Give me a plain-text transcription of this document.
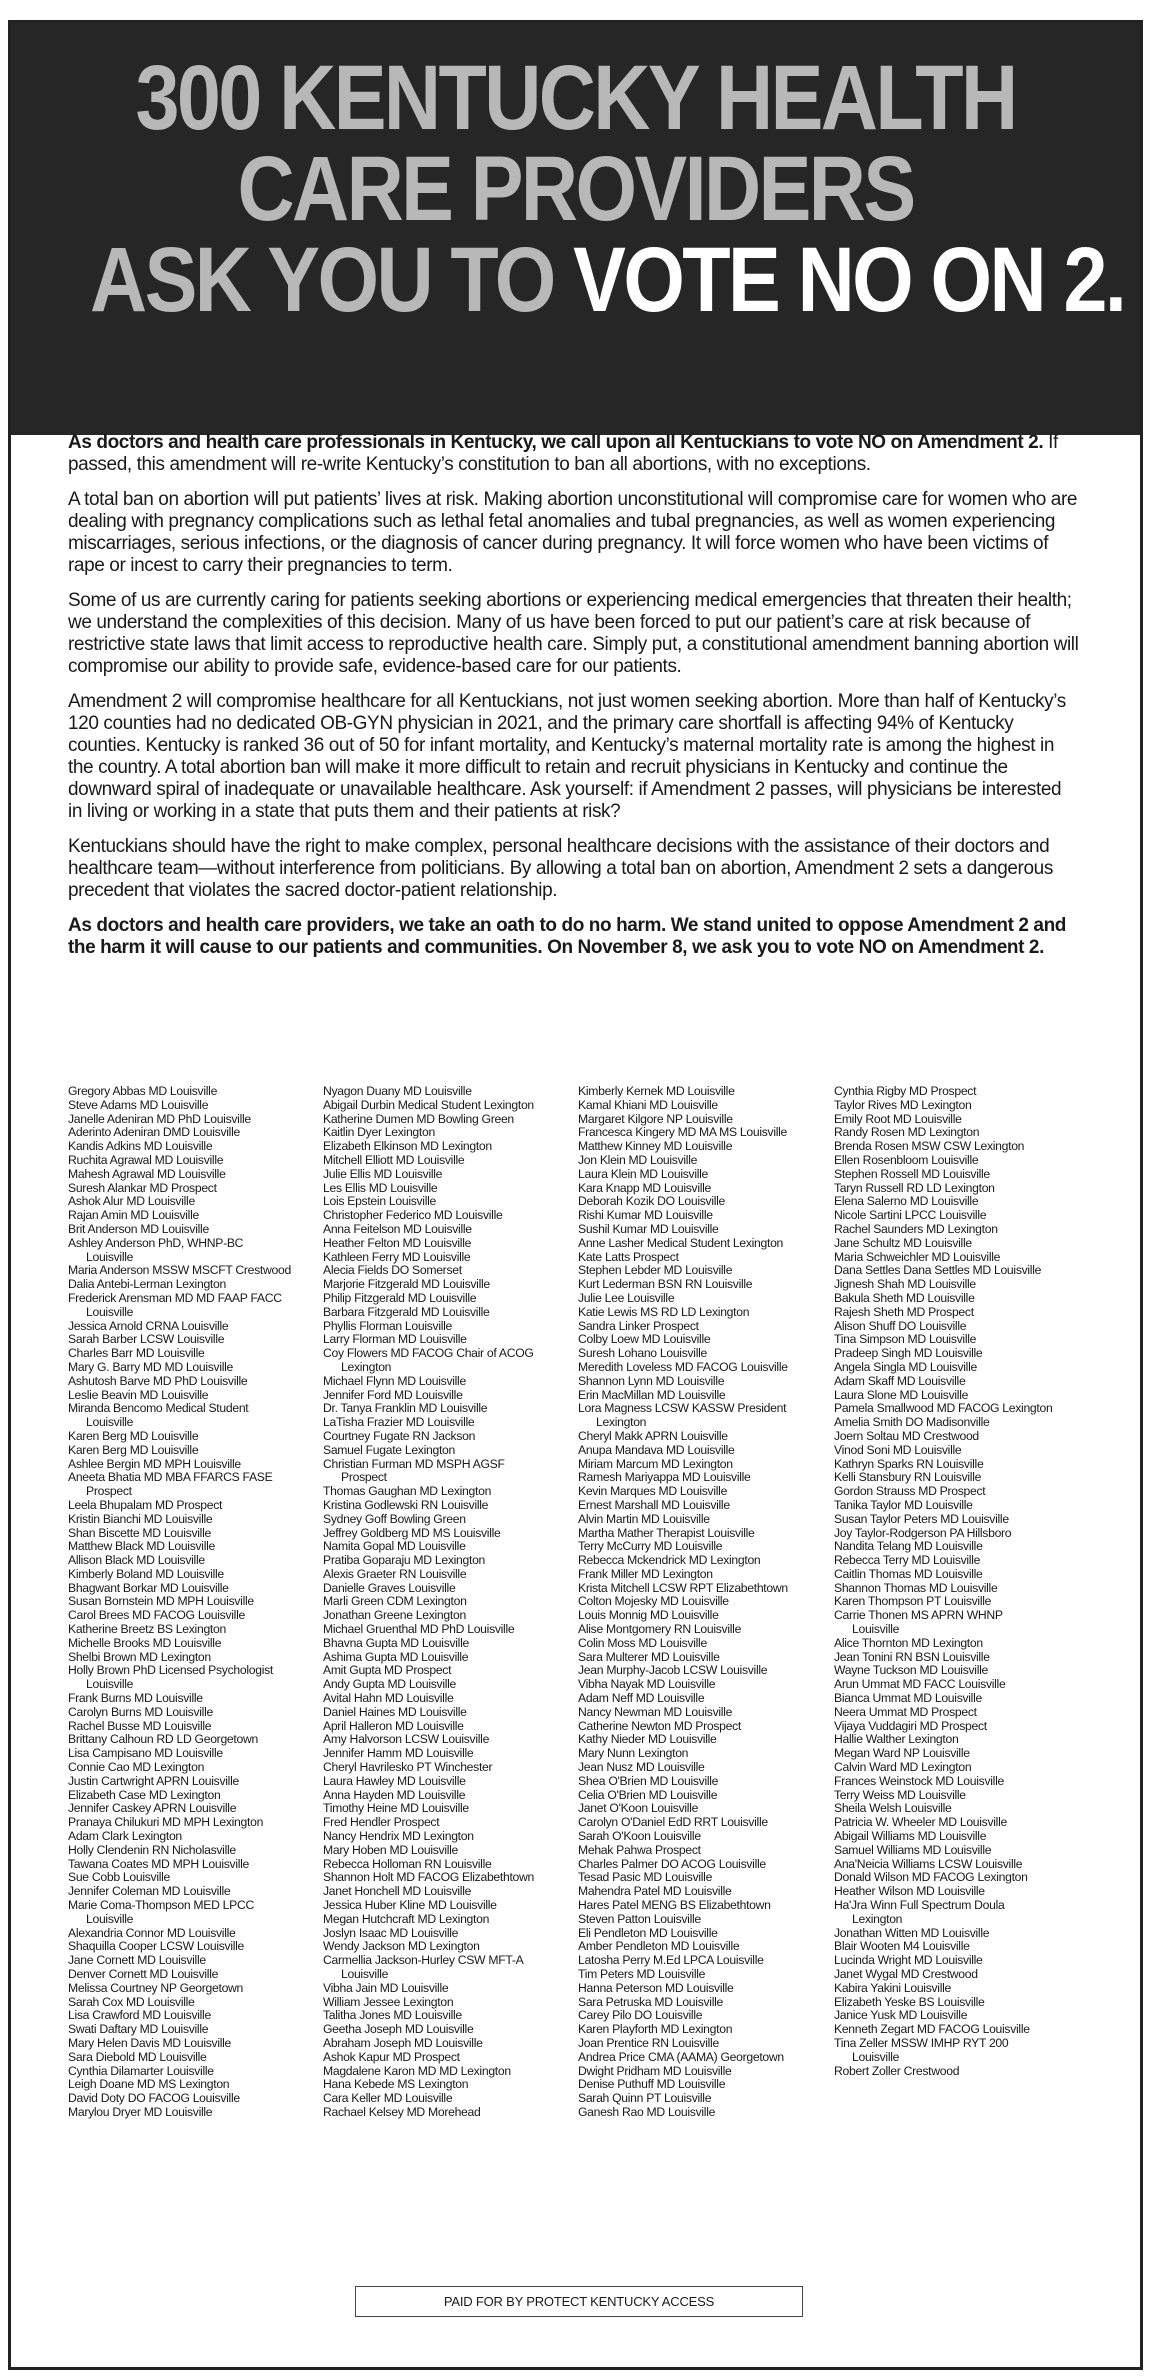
300 KENTUCKY HEALTH
CARE PROVIDERS
ASK YOU TO VOTE NO ON 2.

As doctors and health care professionals in Kentucky, we call upon all Kentuckians to vote NO on Amendment 2. If passed, this amendment will re-write Kentucky’s constitution to ban all abortions, with no exceptions.

A total ban on abortion will put patients’ lives at risk. Making abortion unconstitutional will compromise care for women who are dealing with pregnancy complications such as lethal fetal anomalies and tubal pregnancies, as well as women experiencing miscarriages, serious infections, or the diagnosis of cancer during pregnancy. It will force women who have been victims of rape or incest to carry their pregnancies to term.

Some of us are currently caring for patients seeking abortions or experiencing medical emergencies that threaten their health; we understand the complexities of this decision. Many of us have been forced to put our patient’s care at risk because of restrictive state laws that limit access to reproductive health care. Simply put, a constitutional amendment banning abortion will compromise our ability to provide safe, evidence-based care for our patients.

Amendment 2 will compromise healthcare for all Kentuckians, not just women seeking abortion. More than half of Kentucky’s 120 counties had no dedicated OB-GYN physician in 2021, and the primary care shortfall is affecting 94% of Kentucky counties. Kentucky is ranked 36 out of 50 for infant mortality, and Kentucky’s maternal mortality rate is among the highest in the country. A total abortion ban will make it more difficult to retain and recruit physicians in Kentucky and continue the downward spiral of inadequate or unavailable healthcare. Ask yourself: if Amendment 2 passes, will physicians be interested in living or working in a state that puts them and their patients at risk?

Kentuckians should have the right to make complex, personal healthcare decisions with the assistance of their doctors and healthcare team—without interference from politicians. By allowing a total ban on abortion, Amendment 2 sets a dangerous precedent that violates the sacred doctor-patient relationship.

As doctors and health care providers, we take an oath to do no harm. We stand united to oppose Amendment 2 and the harm it will cause to our patients and communities. On November 8, we ask you to vote NO on Amendment 2.

Gregory Abbas MD Louisville
Steve Adams MD Louisville
Janelle Adeniran MD PhD Louisville
Aderinto Adeniran DMD Louisville
Kandis Adkins MD Louisville
Ruchita Agrawal MD Louisville
Mahesh Agrawal MD Louisville
Suresh Alankar MD Prospect
Ashok Alur MD Louisville
Rajan Amin MD Louisville
Brit Anderson MD Louisville
Ashley Anderson PhD, WHNP-BC
Louisville
Maria Anderson MSSW MSCFT Crestwood
Dalia Antebi-Lerman Lexington
Frederick Arensman MD MD FAAP FACC
Louisville
Jessica Arnold CRNA Louisville
Sarah Barber LCSW Louisville
Charles Barr MD Louisville
Mary G. Barry MD MD Louisville
Ashutosh Barve MD PhD Louisville
Leslie Beavin MD Louisville
Miranda Bencomo Medical Student
Louisville
Karen Berg MD Louisville
Karen Berg MD Louisville
Ashlee Bergin MD MPH Louisville
Aneeta Bhatia MD MBA FFARCS FASE
Prospect
Leela Bhupalam MD Prospect
Kristin Bianchi MD Louisville
Shan Biscette MD Louisville
Matthew Black MD Louisville
Allison Black MD Louisville
Kimberly Boland MD Louisville
Bhagwant Borkar MD Louisville
Susan Bornstein MD MPH Louisville
Carol Brees MD FACOG Louisville
Katherine Breetz BS Lexington
Michelle Brooks MD Louisville
Shelbi Brown MD Lexington
Holly Brown PhD Licensed Psychologist
Louisville
Frank Burns MD Louisville
Carolyn Burns MD Louisville
Rachel Busse MD Louisville
Brittany Calhoun RD LD Georgetown
Lisa Campisano MD Louisville
Connie Cao MD Lexington
Justin Cartwright APRN Louisville
Elizabeth Case MD Lexington
Jennifer Caskey APRN Louisville
Pranaya Chilukuri MD MPH Lexington
Adam Clark Lexington
Holly Clendenin RN Nicholasville
Tawana Coates MD MPH Louisville
Sue Cobb Louisville
Jennifer Coleman MD Louisville
Marie Coma-Thompson MED LPCC
Louisville
Alexandria Connor MD Louisville
Shaquilla Cooper LCSW Louisville
Jane Cornett MD Louisville
Denver Cornett MD Louisville
Melissa Courtney NP Georgetown
Sarah Cox MD Louisville
Lisa Crawford MD Louisville
Swati Daftary MD Louisville
Mary Helen Davis MD Louisville
Sara Diebold MD Louisville
Cynthia Dilamarter Louisville
Leigh Doane MD MS Lexington
David Doty DO FACOG Louisville
Marylou Dryer MD Louisville
Nyagon Duany MD Louisville
Abigail Durbin Medical Student Lexington
Katherine Dumen MD Bowling Green
Kaitlin Dyer Lexington
Elizabeth Elkinson MD Lexington
Mitchell Elliott MD Louisville
Julie Ellis MD Louisville
Les Ellis MD Louisville
Lois Epstein Louisville
Christopher Federico MD Louisville
Anna Feitelson MD Louisville
Heather Felton MD Louisville
Kathleen Ferry MD Louisville
Alecia Fields DO Somerset
Marjorie Fitzgerald MD Louisville
Philip Fitzgerald MD Louisville
Barbara Fitzgerald MD Louisville
Phyllis Florman Louisville
Larry Florman MD Louisville
Coy Flowers MD FACOG Chair of ACOG
Lexington
Michael Flynn MD Louisville
Jennifer Ford MD Louisville
Dr. Tanya Franklin MD Louisville
LaTisha Frazier MD Louisville
Courtney Fugate RN Jackson
Samuel Fugate Lexington
Christian Furman MD MSPH AGSF
Prospect
Thomas Gaughan MD Lexington
Kristina Godlewski RN Louisville
Sydney Goff Bowling Green
Jeffrey Goldberg MD MS Louisville
Namita Gopal MD Louisville
Pratiba Goparaju MD Lexington
Alexis Graeter RN Louisville
Danielle Graves Louisville
Marli Green CDM Lexington
Jonathan Greene Lexington
Michael Gruenthal MD PhD Louisville
Bhavna Gupta MD Louisville
Ashima Gupta MD Louisville
Amit Gupta MD Prospect
Andy Gupta MD Louisville
Avital Hahn MD Louisville
Daniel Haines MD Louisville
April Halleron MD Louisville
Amy Halvorson LCSW Louisville
Jennifer Hamm MD Louisville
Cheryl Havrilesko PT Winchester
Laura Hawley MD Louisville
Anna Hayden MD Louisville
Timothy Heine MD Louisville
Fred Hendler Prospect
Nancy Hendrix MD Lexington
Mary Hoben MD Louisville
Rebecca Holloman RN Louisville
Shannon Holt MD FACOG Elizabethtown
Janet Honchell MD Louisville
Jessica Huber Kline MD Louisville
Megan Hutchcraft MD Lexington
Joslyn Isaac MD Louisville
Wendy Jackson MD Lexington
Carmellia Jackson-Hurley CSW MFT-A
Louisville
Vibha Jain MD Louisville
William Jessee Lexington
Talitha Jones MD Louisville
Geetha Joseph MD Louisville
Abraham Joseph MD Louisville
Ashok Kapur MD Prospect
Magdalene Karon MD MD Lexington
Hana Kebede MS Lexington
Cara Keller MD Louisville
Rachael Kelsey MD Morehead
Kimberly Kernek MD Louisville
Kamal Khiani MD Louisville
Margaret Kilgore NP Louisville
Francesca Kingery MD MA MS Louisville
Matthew Kinney MD Louisville
Jon Klein MD Louisville
Laura Klein MD Louisville
Kara Knapp MD Louisville
Deborah Kozik DO Louisville
Rishi Kumar MD Louisville
Sushil Kumar MD Louisville
Anne Lasher Medical Student Lexington
Kate Latts Prospect
Stephen Lebder MD Louisville
Kurt Lederman BSN RN Louisville
Julie Lee Louisville
Katie Lewis MS RD LD Lexington
Sandra Linker Prospect
Colby Loew MD Louisville
Suresh Lohano Louisville
Meredith Loveless MD FACOG Louisville
Shannon Lynn MD Louisville
Erin MacMillan MD Louisville
Lora Magness LCSW KASSW President
Lexington
Cheryl Makk APRN Louisville
Anupa Mandava MD Louisville
Miriam Marcum MD Lexington
Ramesh Mariyappa MD Louisville
Kevin Marques MD Louisville
Ernest Marshall MD Louisville
Alvin Martin MD Louisville
Martha Mather Therapist Louisville
Terry McCurry MD Louisville
Rebecca Mckendrick MD Lexington
Frank Miller MD Lexington
Krista Mitchell LCSW RPT Elizabethtown
Colton Mojesky MD Louisville
Louis Monnig MD Louisville
Alise Montgomery RN Louisville
Colin Moss MD Louisville
Sara Multerer MD Louisville
Jean Murphy-Jacob LCSW Louisville
Vibha Nayak MD Louisville
Adam Neff MD Louisville
Nancy Newman MD Louisville
Catherine Newton MD Prospect
Kathy Nieder MD Louisville
Mary Nunn Lexington
Jean Nusz MD Louisville
Shea O'Brien MD Louisville
Celia O'Brien MD Louisville
Janet O'Koon Louisville
Carolyn O'Daniel EdD RRT Louisville
Sarah O'Koon Louisville
Mehak Pahwa Prospect
Charles Palmer DO ACOG Louisville
Tesad Pasic MD Louisville
Mahendra Patel MD Louisville
Hares Patel MENG BS Elizabethtown
Steven Patton Louisville
Eli Pendleton MD Louisville
Amber Pendleton MD Louisville
Latosha Perry M.Ed LPCA Louisville
Tim Peters MD Louisville
Hanna Peterson MD Louisville
Sara Petruska MD Louisville
Carey Pilo DO Louisville
Karen Playforth MD Lexington
Joan Prentice RN Louisville
Andrea Price CMA (AAMA) Georgetown
Dwight Pridham MD Louisville
Denise Puthuff MD Louisville
Sarah Quinn PT Louisville
Ganesh Rao MD Louisville
Cynthia Rigby MD Prospect
Taylor Rives MD Lexington
Emily Root MD Louisville
Randy Rosen MD Lexington
Brenda Rosen MSW CSW Lexington
Ellen Rosenbloom Louisville
Stephen Rossell MD Louisville
Taryn Russell RD LD Lexington
Elena Salerno MD Louisville
Nicole Sartini LPCC Louisville
Rachel Saunders MD Lexington
Jane Schultz MD Louisville
Maria Schweichler MD Louisville
Dana Settles Dana Settles MD Louisville
Jignesh Shah MD Louisville
Bakula Sheth MD Louisville
Rajesh Sheth MD Prospect
Alison Shuff DO Louisville
Tina Simpson MD Louisville
Pradeep Singh MD Louisville
Angela Singla MD Louisville
Adam Skaff MD Louisville
Laura Slone MD Louisville
Pamela Smallwood MD FACOG Lexington
Amelia Smith DO Madisonville
Joern Soltau MD Crestwood
Vinod Soni MD Louisville
Kathryn Sparks RN Louisville
Kelli Stansbury RN Louisville
Gordon Strauss MD Prospect
Tanika Taylor MD Louisville
Susan Taylor Peters MD Louisville
Joy Taylor-Rodgerson PA Hillsboro
Nandita Telang MD Louisville
Rebecca Terry MD Louisville
Caitlin Thomas MD Louisville
Shannon Thomas MD Louisville
Karen Thompson PT Louisville
Carrie Thonen MS APRN WHNP
Louisville
Alice Thornton MD Lexington
Jean Tonini RN BSN Louisville
Wayne Tuckson MD Louisville
Arun Ummat MD FACC Louisville
Bianca Ummat MD Louisville
Neera Ummat MD Prospect
Vijaya Vuddagiri MD Prospect
Hallie Walther Lexington
Megan Ward NP Louisville
Calvin Ward MD Lexington
Frances Weinstock MD Louisville
Terry Weiss MD Louisville
Sheila Welsh Louisville
Patricia W. Wheeler MD Louisville
Abigail Williams MD Louisville
Samuel Williams MD Louisville
Ana'Neicia Williams LCSW Louisville
Donald Wilson MD FACOG Lexington
Heather Wilson MD Louisville
Ha'Jra Winn Full Spectrum Doula
Lexington
Jonathan Witten MD Louisville
Blair Wooten M4 Louisville
Lucinda Wright MD Louisville
Janet Wygal MD Crestwood
Kabira Yakini Louisville
Elizabeth Yeske BS Louisville
Janice Yusk MD Louisville
Kenneth Zegart MD FACOG Louisville
Tina Zeller MSSW IMHP RYT 200
Louisville
Robert Zoller Crestwood
PAID FOR BY PROTECT KENTUCKY ACCESS
